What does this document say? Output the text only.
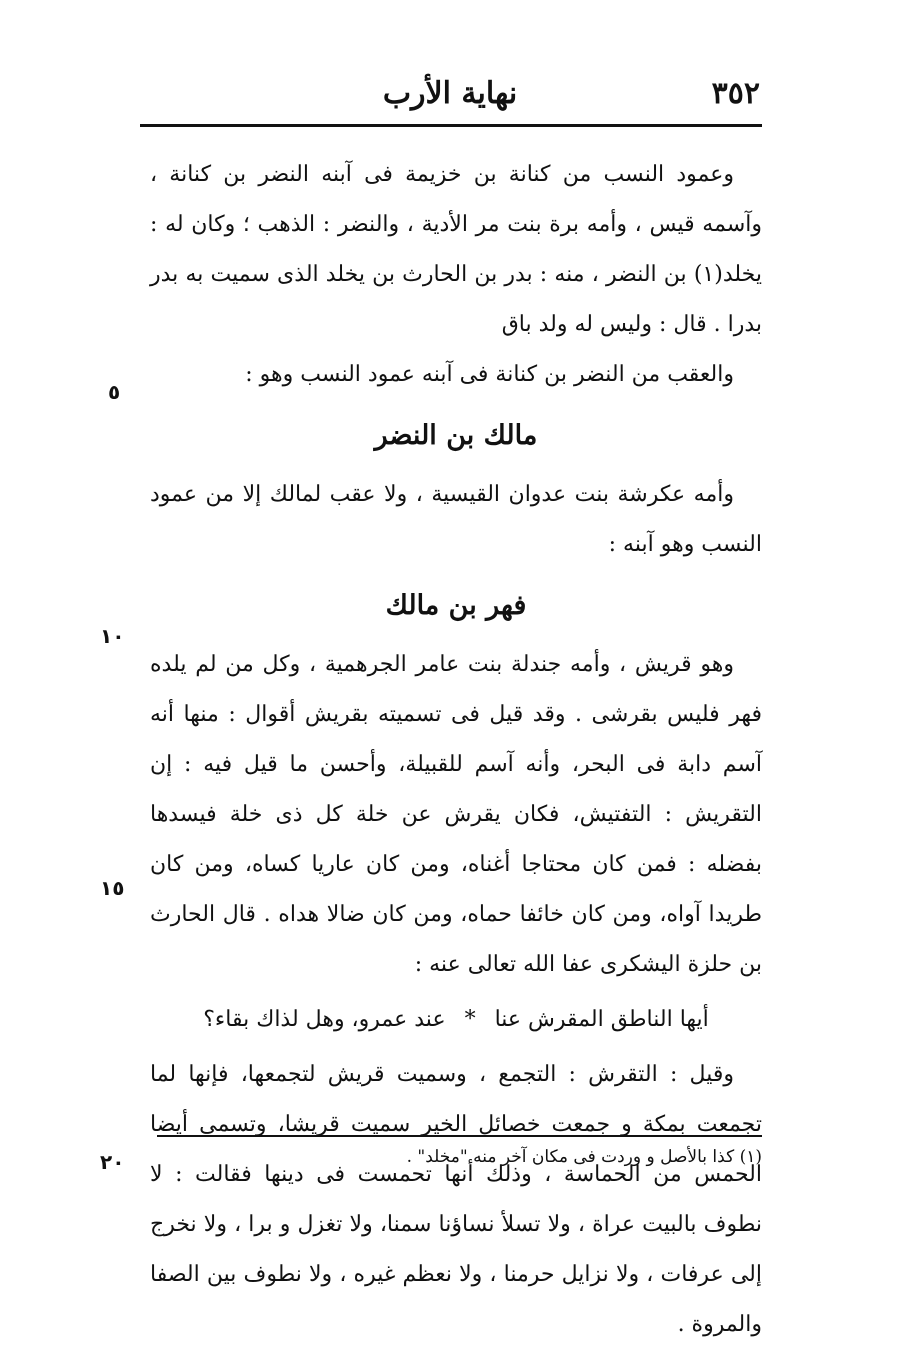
٣٥٢
نهاية الأرب

وعمود النسب من كنانة بن خزيمة فى آبنه النضر بن كنانة ، وآسمه قيس ، وأمه برة بنت مر الأدية ، والنضر : الذهب ؛ وكان له : يخلد(١) بن النضر ، منه : بدر بن الحارث بن يخلد الذى سميت به بدر بدرا . قال : وليس له ولد باق

والعقب من النضر بن كنانة فى آبنه عمود النسب وهو :

مالك بن النضر

وأمه عكرشة بنت عدوان القيسية ، ولا عقب لمالك إلا من عمود النسب وهو آبنه :

فهر بن مالك

وهو قريش ، وأمه جندلة بنت عامر الجرهمية ، وكل من لم يلده فهر فليس بقرشى . وقد قيل فى تسميته بقريش أقوال : منها أنه آسم دابة فى البحر، وأنه آسم للقبيلة، وأحسن ما قيل فيه : إن التقريش : التفتيش، فكان يقرش عن خلة كل ذى خلة فيسدها بفضله : فمن كان محتاجا أغناه، ومن كان عاريا كساه، ومن كان طريدا آواه، ومن كان خائفا حماه، ومن كان ضالا هداه . قال الحارث بن حلزة اليشكرى عفا الله تعالى عنه :

أيها الناطق المقرش عنا * عند عمرو، وهل لذاك بقاء؟

وقيل : التقرش : التجمع ، وسميت قريش لتجمعها، فإنها لما تجمعت بمكة و جمعت خصائل الخير سميت قريشا، وتسمى أيضا الحمس من الحماسة ، وذلك أنها تحمست فى دينها فقالت : لا نطوف بالبيت عراة ، ولا تسلأ نساؤنا سمنا، ولا تغزل و برا ، ولا نخرج إلى عرفات ، ولا نزايل حرمنا ، ولا نعظم غيره ، ولا نطوف بين الصفا والمروة .

٥
١٠
١٥
٢٠	(١) كذا بالأصل و وردت فى مكان آخر منه "مخلد" .
